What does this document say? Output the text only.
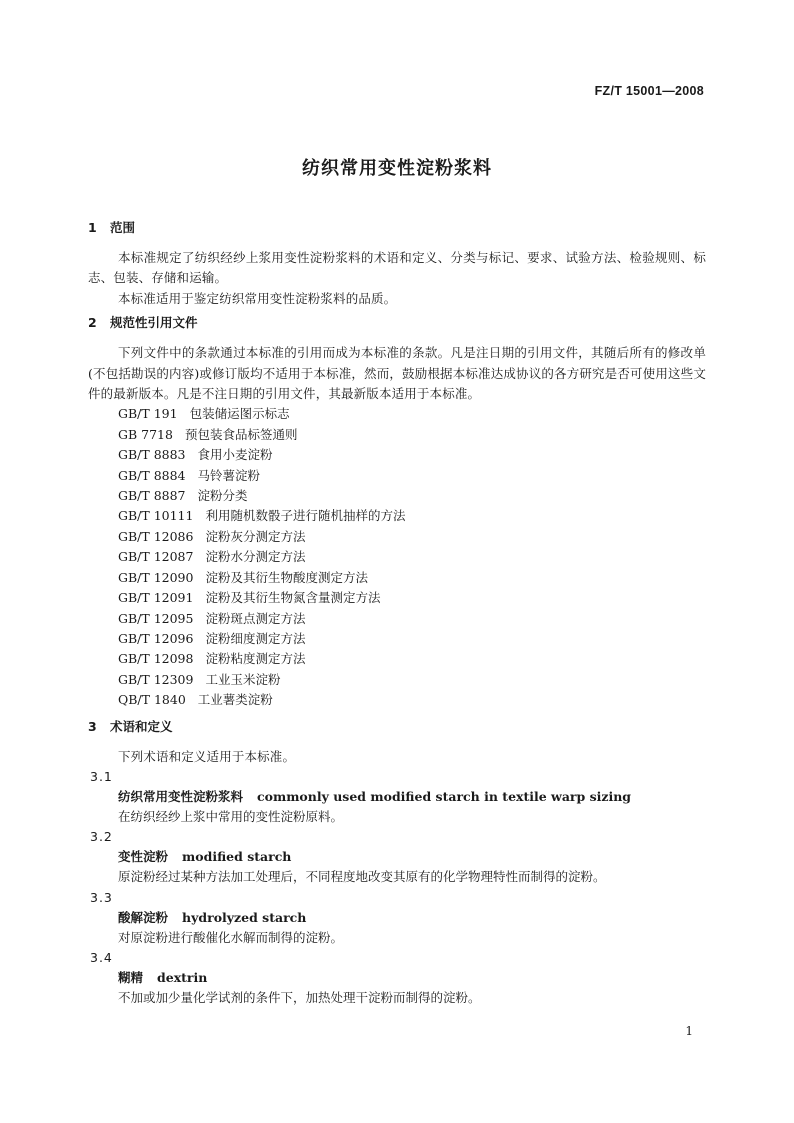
FZ/T 15001—2008
纺织常用变性淀粉浆料

1 范围

本标准规定了纺织经纱上浆用变性淀粉浆料的术语和定义、分类与标记、要求、试验方法、检验规则、标志、包装、存储和运输。

本标准适用于鉴定纺织常用变性淀粉浆料的品质。

2 规范性引用文件

下列文件中的条款通过本标准的引用而成为本标准的条款。凡是注日期的引用文件，其随后所有的修改单(不包括勘误的内容)或修订版均不适用于本标准，然而，鼓励根据本标准达成协议的各方研究是否可使用这些文件的最新版本。凡是不注日期的引用文件，其最新版本适用于本标准。

GB/T 191 包装储运图示标志
GB 7718 预包装食品标签通则
GB/T 8883 食用小麦淀粉
GB/T 8884 马铃薯淀粉
GB/T 8887 淀粉分类
GB/T 10111 利用随机数骰子进行随机抽样的方法
GB/T 12086 淀粉灰分测定方法
GB/T 12087 淀粉水分测定方法
GB/T 12090 淀粉及其衍生物酸度测定方法
GB/T 12091 淀粉及其衍生物氮含量测定方法
GB/T 12095 淀粉斑点测定方法
GB/T 12096 淀粉细度测定方法
GB/T 12098 淀粉粘度测定方法
GB/T 12309 工业玉米淀粉
QB/T 1840 工业薯类淀粉

3 术语和定义

下列术语和定义适用于本标准。

3.1

纺织常用变性淀粉浆料 commonly used modified starch in textile warp sizing

在纺织经纱上浆中常用的变性淀粉原料。

3.2

变性淀粉 modified starch

原淀粉经过某种方法加工处理后，不同程度地改变其原有的化学物理特性而制得的淀粉。

3.3

酸解淀粉 hydrolyzed starch

对原淀粉进行酸催化水解而制得的淀粉。

3.4

糊精 dextrin

不加或加少量化学试剂的条件下，加热处理干淀粉而制得的淀粉。

1
